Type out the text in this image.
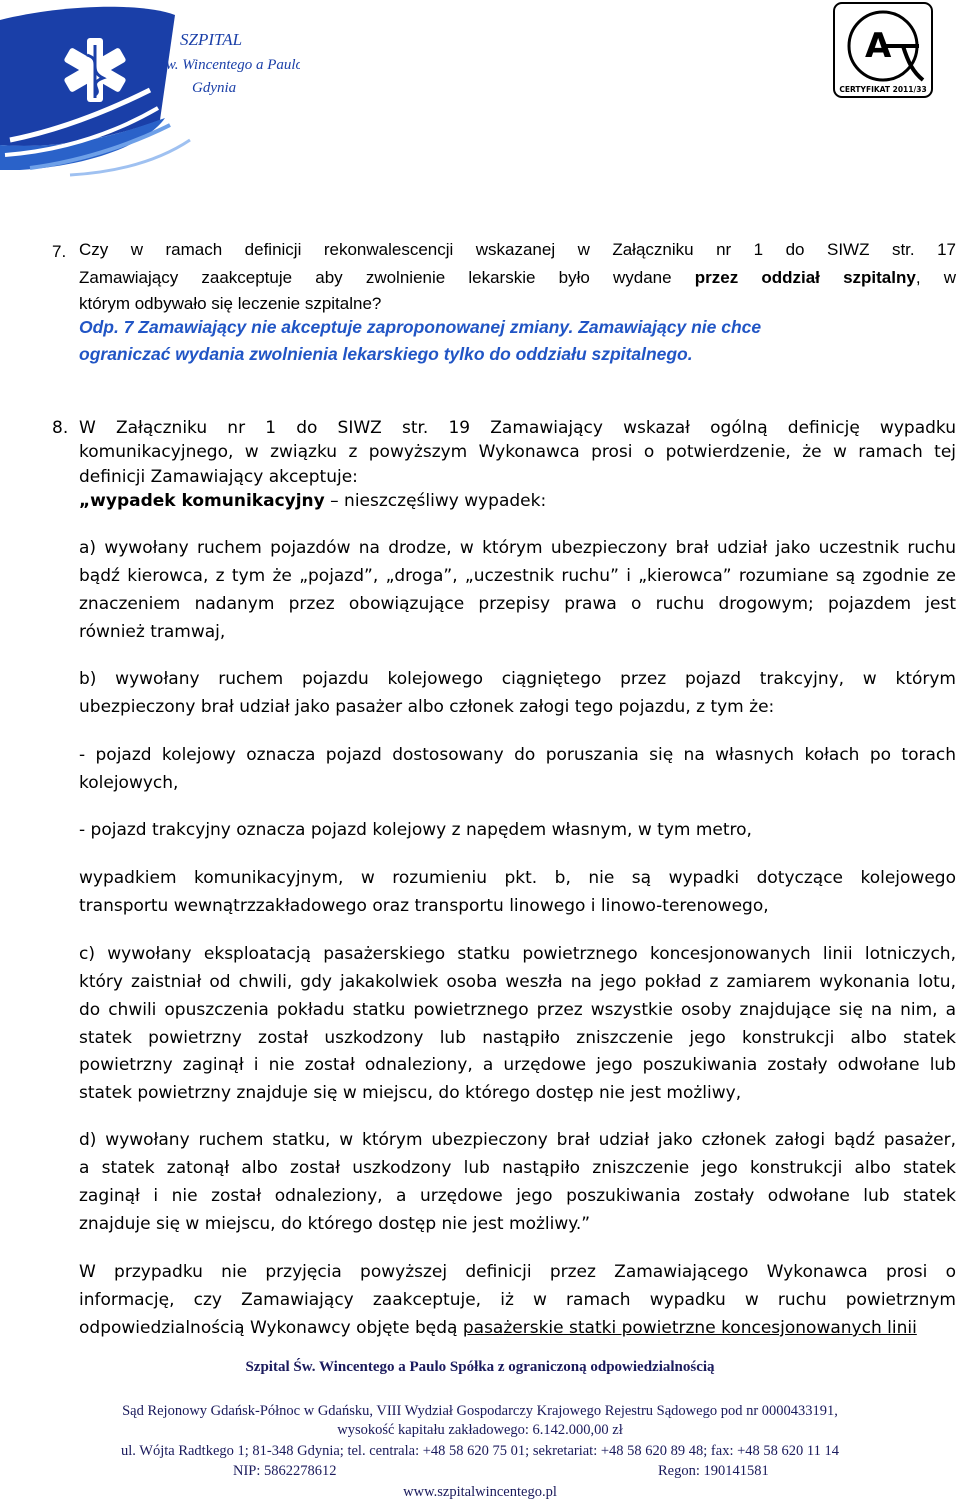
SZPITAL
św. Wincentego a Paulo
Gdynia
A
CERTYFIKAT 2011/33
7. Czy w ramach definicji rekonwalescencji wskazanej w Załączniku nr 1 do SIWZ str. 17

Zamawiający zaakceptuje aby zwolnienie lekarskie było wydane przez oddział szpitalny, w

którym odbywało się leczenie szpitalne?

Odp. 7 Zamawiający nie akceptuje zaproponowanej zmiany. Zamawiający nie chce

ograniczać wydania zwolnienia lekarskiego tylko do oddziału szpitalnego.

8. W Załączniku nr 1 do SIWZ str. 19 Zamawiający wskazał ogólną definicję wypadku

komunikacyjnego, w związku z powyższym Wykonawca prosi o potwierdzenie, że w ramach tej

definicji Zamawiający akceptuje:

„wypadek komunikacyjny – nieszczęśliwy wypadek:

a) wywołany ruchem pojazdów na drodze, w którym ubezpieczony brał udział jako uczestnik ruchu

bądź kierowca, z tym że „pojazd”, „droga”, „uczestnik ruchu” i „kierowca” rozumiane są zgodnie ze

znaczeniem nadanym przez obowiązujące przepisy prawa o ruchu drogowym; pojazdem jest

również tramwaj,

b) wywołany ruchem pojazdu kolejowego ciągniętego przez pojazd trakcyjny, w którym

ubezpieczony brał udział jako pasażer albo członek załogi tego pojazdu, z tym że:

- pojazd kolejowy oznacza pojazd dostosowany do poruszania się na własnych kołach po torach

kolejowych,

- pojazd trakcyjny oznacza pojazd kolejowy z napędem własnym, w tym metro,

wypadkiem komunikacyjnym, w rozumieniu pkt. b, nie są wypadki dotyczące kolejowego

transportu wewnątrzzakładowego oraz transportu linowego i linowo-terenowego,

c) wywołany eksploatacją pasażerskiego statku powietrznego koncesjonowanych linii lotniczych,

który zaistniał od chwili, gdy jakakolwiek osoba weszła na jego pokład z zamiarem wykonania lotu,

do chwili opuszczenia pokładu statku powietrznego przez wszystkie osoby znajdujące się na nim, a

statek powietrzny został uszkodzony lub nastąpiło zniszczenie jego konstrukcji albo statek

powietrzny zaginął i nie został odnaleziony, a urzędowe jego poszukiwania zostały odwołane lub

statek powietrzny znajduje się w miejscu, do którego dostęp nie jest możliwy,

d) wywołany ruchem statku, w którym ubezpieczony brał udział jako członek załogi bądź pasażer,

a statek zatonął albo został uszkodzony lub nastąpiło zniszczenie jego konstrukcji albo statek

zaginął i nie został odnaleziony, a urzędowe jego poszukiwania zostały odwołane lub statek

znajduje się w miejscu, do którego dostęp nie jest możliwy.”

W przypadku nie przyjęcia powyższej definicji przez Zamawiającego Wykonawca prosi o

informację, czy Zamawiający zaakceptuje, iż w ramach wypadku w ruchu powietrznym

odpowiedzialnością Wykonawcy objęte będą pasażerskie statki powietrzne koncesjonowanych linii

Szpital Św. Wincentego a Paulo Spółka z ograniczoną odpowiedzialnością
Sąd Rejonowy Gdańsk-Północ w Gdańsku, VIII Wydział Gospodarczy Krajowego Rejestru Sądowego pod nr 0000433191,
wysokość kapitału zakładowego: 6.142.000,00 zł
ul. Wójta Radtkego 1; 81-348 Gdynia; tel. centrala: +48 58 620 75 01; sekretariat: +48 58 620 89 48; fax: +48 58 620 11 14
NIP: 5862278612	Regon: 190141581
www.szpitalwincentego.pl
